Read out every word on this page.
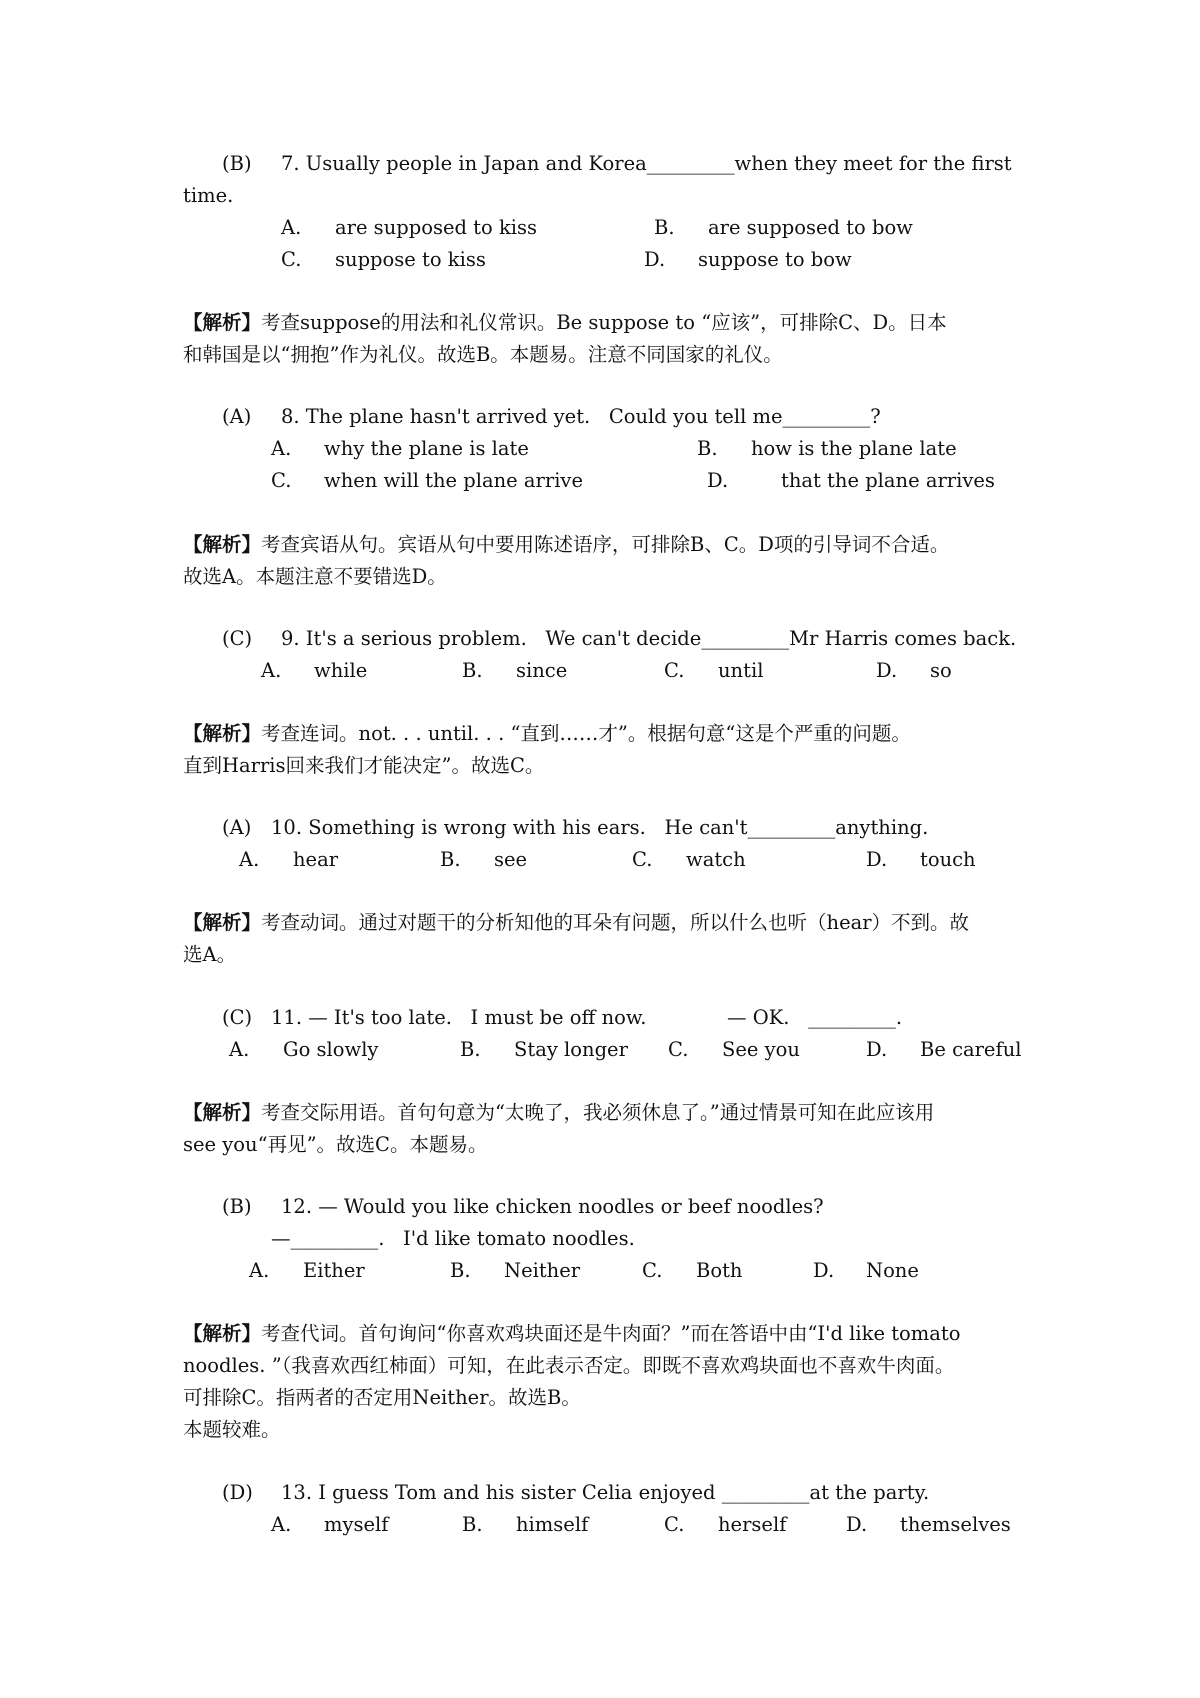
(B) 7. Usually people in Japan and Korea_________when they meet for the first
time.
A. are supposed to kiss	B. are supposed to bow
C. suppose to kiss	D. suppose to bow
【解析】考查suppose的用法和礼仪常识。Be suppose to “应该”，可排除C、D。日本
和韩国是以“拥抱”作为礼仪。故选B。本题易。注意不同国家的礼仪。
(A) 8. The plane hasn't arrived yet.   Could you tell me_________?
A. why the plane is late	B. how is the plane late
C. when will the plane arrive	D.	that the plane arrives
【解析】考查宾语从句。宾语从句中要用陈述语序，可排除B、C。D项的引导词不合适。
故选A。本题注意不要错选D。
(C) 9. It's a serious problem.   We can't decide_________Mr Harris comes back.
A. while	B. since	C. until	D. so
【解析】考查连词。not. . . until. . . “直到……才”。根据句意“这是个严重的问题。
直到Harris回来我们才能决定”。故选C。
(A) 10. Something is wrong with his ears.   He can't_________anything.
A. hear	B. see	C. watch	D. touch
【解析】考查动词。通过对题干的分析知他的耳朵有问题，所以什么也听（hear）不到。故
选A。
(C) 11. — It's too late.   I must be off now.             — OK.   _________.
A. Go slowly	B. Stay longer C. See you	D. Be careful
【解析】考查交际用语。首句句意为“太晚了，我必须休息了。”通过情景可知在此应该用
see you“再见”。故选C。本题易。
(B) 12. — Would you like chicken noodles or beef noodles?
—_________.   I'd like tomato noodles.
A. Either	B. Neither	C. Both	D. None
【解析】考查代词。首句询问“你喜欢鸡块面还是牛肉面？”而在答语中由“I'd like tomato
noodles. ”（我喜欢西红柿面）可知，在此表示否定。即既不喜欢鸡块面也不喜欢牛肉面。
可排除C。指两者的否定用Neither。故选B。
本题较难。
(D) 13. I guess Tom and his sister Celia enjoyed _________at the party.
A. myself	B. himself	C. herself	D. themselves
